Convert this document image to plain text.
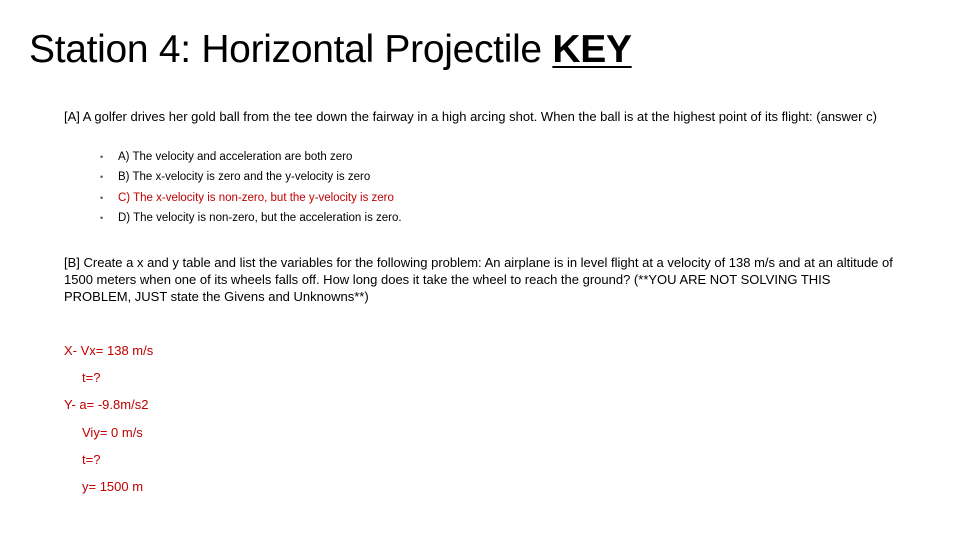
Station 4: Horizontal Projectile KEY
[A] A golfer drives her gold ball from the tee down the fairway in a high arcing shot. When the ball is at the highest point of its flight: (answer c)
• A) The velocity and acceleration are both zero
• B) The x-velocity is zero and the y-velocity is zero
• C) The x-velocity is non-zero, but the y-velocity is zero
• D) The velocity is non-zero, but the acceleration is zero.
[B] Create a x and y table and list the variables for the following problem: An airplane is in level flight at a velocity of 138 m/s and at an altitude of 1500 meters when one of its wheels falls off. How long does it take the wheel to reach the ground? (**YOU ARE NOT SOLVING THIS PROBLEM, JUST state the Givens and Unknowns**)
X- Vx= 138 m/s
t=?
Y- a= -9.8m/s2
Viy= 0 m/s
t=?
y= 1500 m
